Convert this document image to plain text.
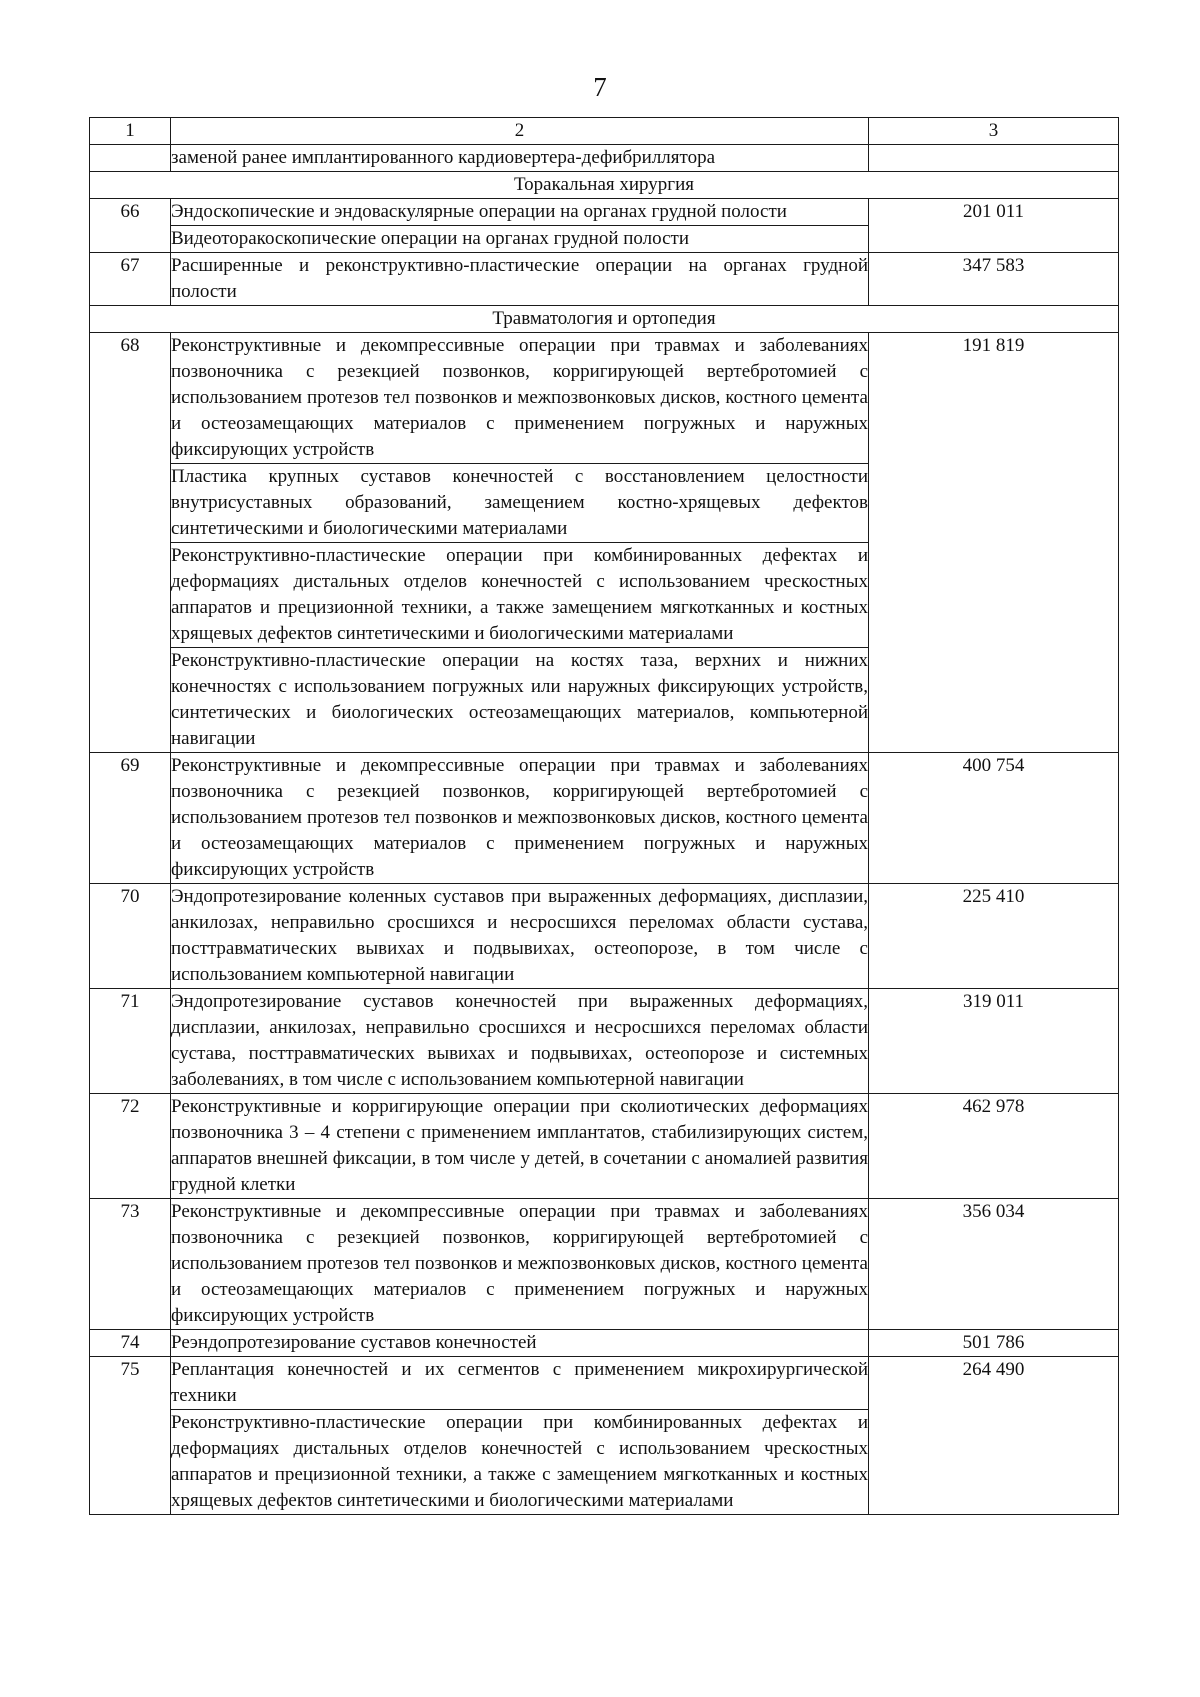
7
1	2	3
	заменой ранее имплантированного кардиовертера-дефибриллятора	
Торакальная хирургия		
66	Эндоскопические и эндоваскулярные операции на органах грудной полости	201 011
	Видеоторакоскопические операции на органах грудной полости	
67	Расширенные и реконструктивно-пластические операции на органах грудной полости	347 583
Травматология и ортопедия		
68	Реконструктивные и декомпрессивные операции при травмах и заболеваниях позвоночника с резекцией позвонков, корригирующей вертебротомией с использованием протезов тел позвонков и межпозвонковых дисков, костного цемента и остеозамещающих материалов с применением погружных и наружных фиксирующих устройств	191 819
	Пластика крупных суставов конечностей с восстановлением целостности внутрисуставных образований, замещением костно-хрящевых дефектов синтетическими и биологическими материалами	
	Реконструктивно-пластические операции при комбинированных дефектах и деформациях дистальных отделов конечностей с использованием чрескостных аппаратов и прецизионной техники, а также замещением мягкотканных и костных хрящевых дефектов синтетическими и биологическими материалами	
	Реконструктивно-пластические операции на костях таза, верхних и нижних конечностях с использованием погружных или наружных фиксирующих устройств, синтетических и биологических остеозамещающих материалов, компьютерной навигации	
69	Реконструктивные и декомпрессивные операции при травмах и заболеваниях позвоночника с резекцией позвонков, корригирующей вертебротомией с использованием протезов тел позвонков и межпозвонковых дисков, костного цемента и остеозамещающих материалов с применением погружных и наружных фиксирующих устройств	400 754
70	Эндопротезирование коленных суставов при выраженных деформациях, дисплазии, анкилозах, неправильно сросшихся и несросшихся переломах области сустава, посттравматических вывихах и подвывихах, остеопорозе, в том числе с использованием компьютерной навигации	225 410
71	Эндопротезирование суставов конечностей при выраженных деформациях, дисплазии, анкилозах, неправильно сросшихся и несросшихся переломах области сустава, посттравматических вывихах и подвывихах, остеопорозе и системных заболеваниях, в том числе с использованием компьютерной навигации	319 011
72	Реконструктивные и корригирующие операции при сколиотических деформациях позвоночника 3 – 4 степени с применением имплантатов, стабилизирующих систем, аппаратов внешней фиксации, в том числе у детей, в сочетании с аномалией развития грудной клетки	462 978
73	Реконструктивные и декомпрессивные операции при травмах и заболеваниях позвоночника с резекцией позвонков, корригирующей вертебротомией с использованием протезов тел позвонков и межпозвонковых дисков, костного цемента и остеозамещающих материалов с применением погружных и наружных фиксирующих устройств	356 034
74	Реэндопротезирование суставов конечностей	501 786
75	Реплантация конечностей и их сегментов с применением микрохирургической техники	264 490
	Реконструктивно-пластические операции при комбинированных дефектах и деформациях дистальных отделов конечностей с использованием чрескостных аппаратов и прецизионной техники, а также с замещением мягкотканных и костных хрящевых дефектов синтетическими и биологическими материалами	
